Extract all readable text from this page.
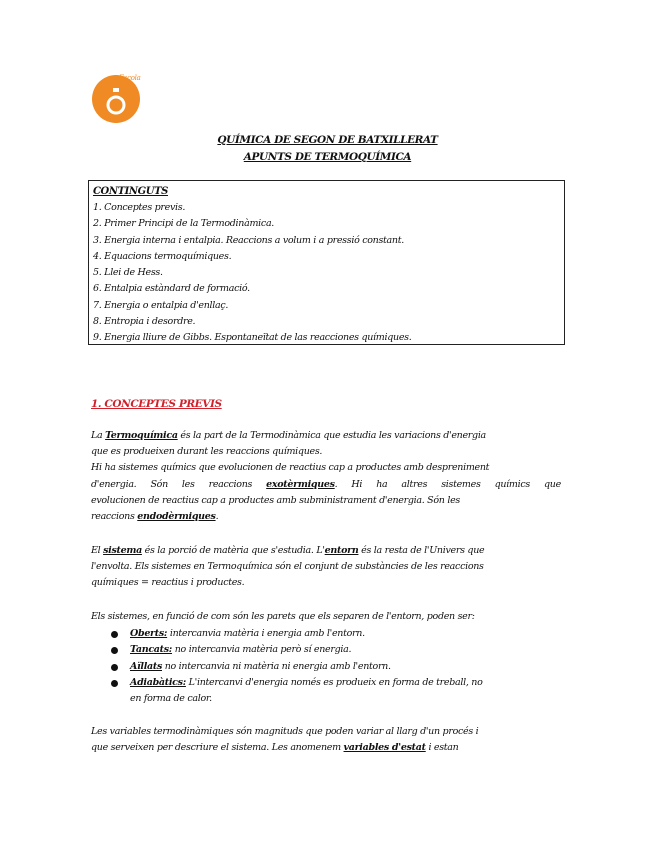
Escola
QUÍMICA DE SEGON DE BATXILLERAT
APUNTS DE TERMOQUÍMICA
CONTINGUTS
1. Conceptes previs.
2. Primer Principi de la Termodinàmica.
3. Energia interna i entalpia. Reaccions a volum i a pressió constant.
4. Equacions termoquímiques.
5. Llei de Hess.
6. Entalpia estàndard de formació.
7. Energia o entalpia d'enllaç.
8. Entropia i desordre.
9. Energia lliure de Gibbs. Espontaneïtat de las reacciones químiques.
1. CONCEPTES PREVIS
La Termoquímica és la part de la Termodinàmica que estudia les variacions d'energia
que es produeixen durant les reaccions químiques.
Hi ha sistemes químics que evolucionen de reactius cap a productes amb despreniment
d'energia. Són les reaccions exotèrmiques. Hi ha altres sistemes químics que
evolucionen de reactius cap a productes amb subministrament d'energia. Són les
reaccions endodèrmiques.
El sistema és la porció de matèria que s'estudia. L'entorn és la resta de l'Univers que
l'envolta. Els sistemes en Termoquímica són el conjunt de substàncies de les reaccions
químiques = reactius i productes.
Els sistemes, en funció de com són les parets que els separen de l'entorn, poden ser:
Oberts: intercanvia matèria i energia amb l'entorn.
Tancats: no intercanvia matèria però sí energia.
Aïllats no intercanvia ni matèria ni energia amb l'entorn.
Adiabàtics: L'intercanvi d'energia només es produeix en forma de treball, no
en forma de calor.
Les variables termodinàmiques són magnituds que poden variar al llarg d'un procés i
que serveixen per descriure el sistema. Les anomenem variables d'estat i estan
